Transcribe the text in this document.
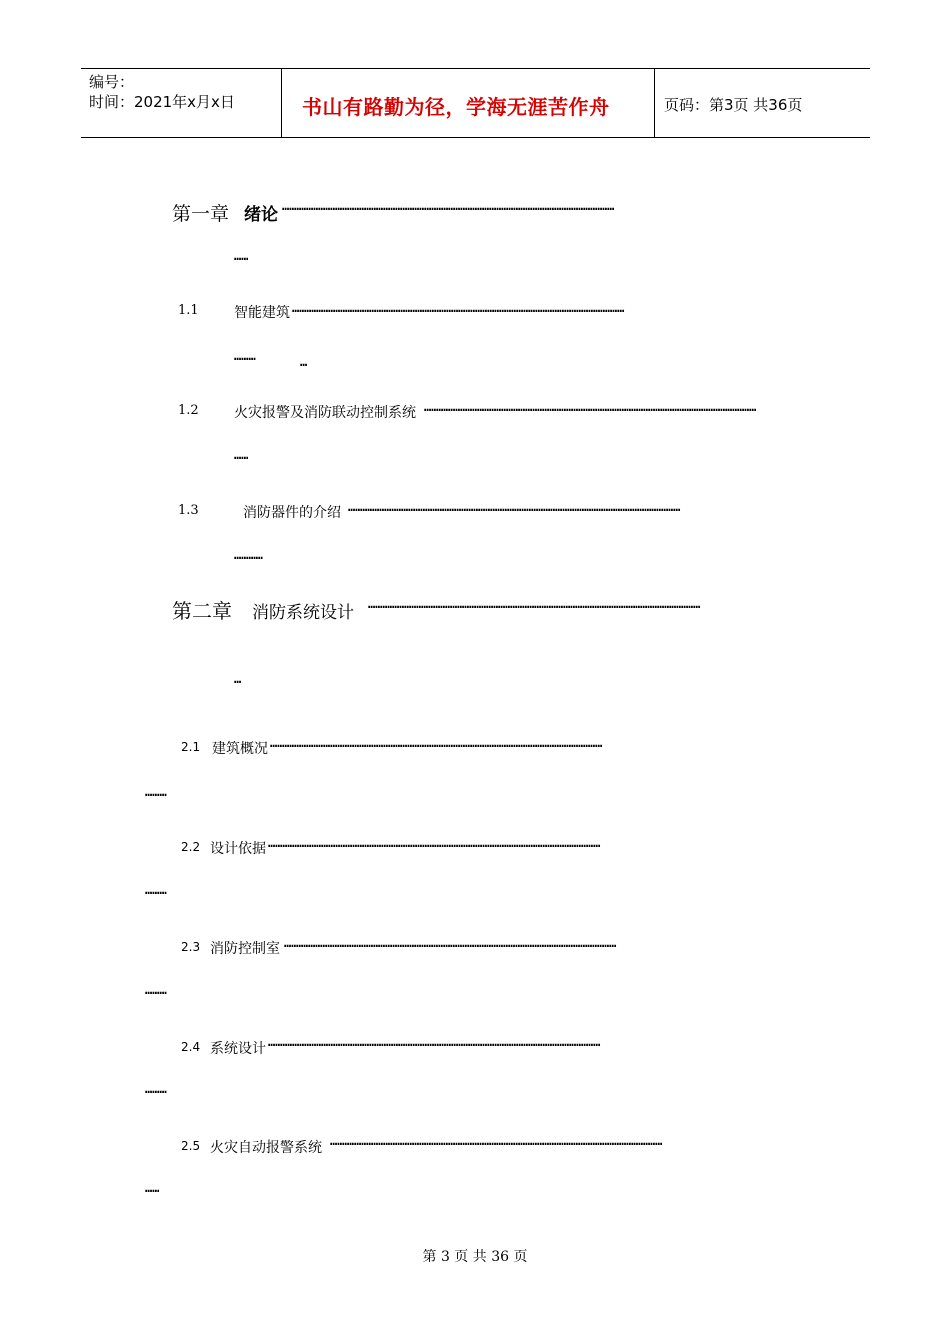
编号：
时间：2021年x月x日	书山有路勤为径，学海无涯苦作舟	页码：第3页 共36页
第一章 绪论 …………………………………………………………………………………………………………………………
……
1.1	智能建筑 …………………………………………………………………………………………………………………………
………	…
1.2	火灾报警及消防联动控制系统 …………………………………………………………………………………………………………………………
……
1.3	消防器件的介绍 …………………………………………………………………………………………………………………………
…………
第二章 消防系统设计 …………………………………………………………………………………………………………………………
…
2.1 建筑概况 …………………………………………………………………………………………………………………………
………
2.2 设计依据 …………………………………………………………………………………………………………………………
………
2.3 消防控制室 …………………………………………………………………………………………………………………………
………
2.4 系统设计 …………………………………………………………………………………………………………………………
………
2.5 火灾自动报警系统 …………………………………………………………………………………………………………………………
……
第 3 页 共 36 页
